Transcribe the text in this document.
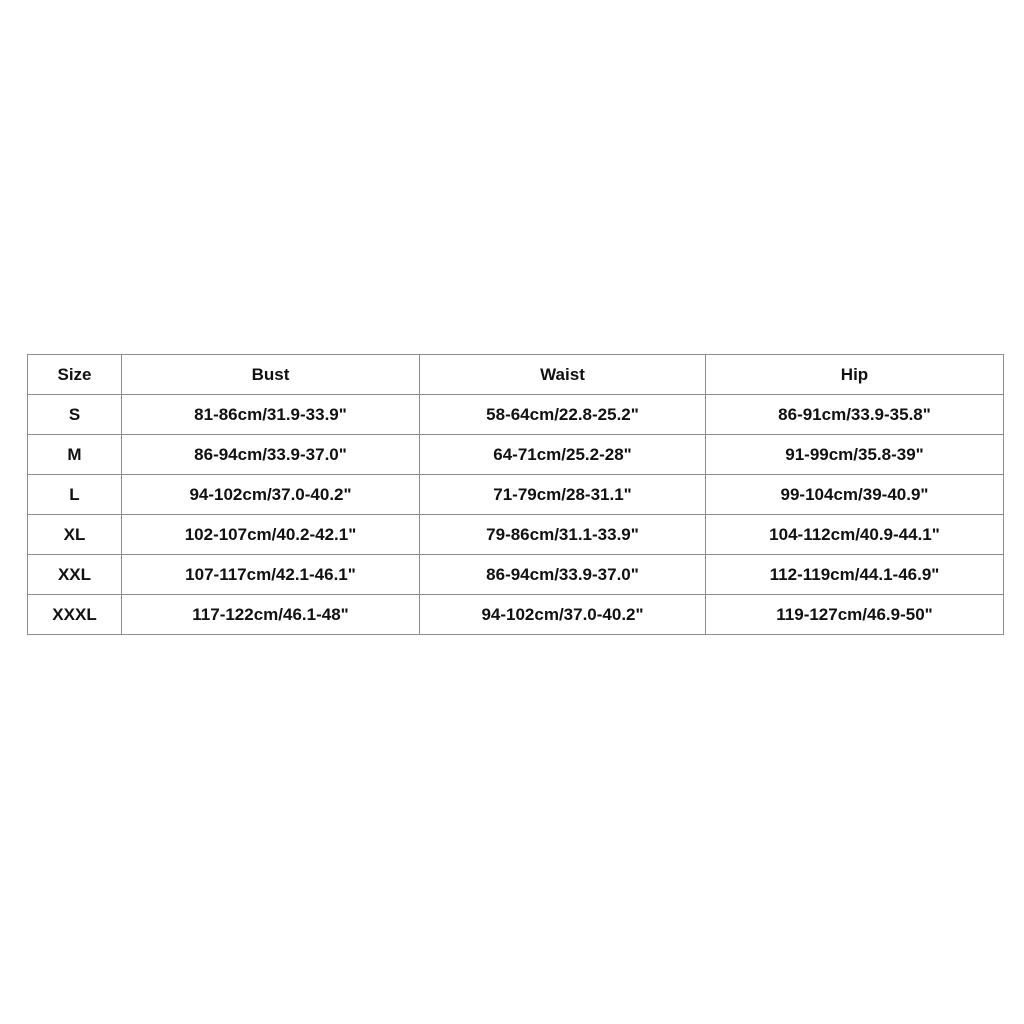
Size	Bust	Waist	Hip
S	81-86cm/31.9-33.9"	58-64cm/22.8-25.2"	86-91cm/33.9-35.8"
M	86-94cm/33.9-37.0"	64-71cm/25.2-28"	91-99cm/35.8-39"
L	94-102cm/37.0-40.2"	71-79cm/28-31.1"	99-104cm/39-40.9"
XL	102-107cm/40.2-42.1"	79-86cm/31.1-33.9"	104-112cm/40.9-44.1"
XXL	107-117cm/42.1-46.1"	86-94cm/33.9-37.0"	112-119cm/44.1-46.9"
XXXL	117-122cm/46.1-48"	94-102cm/37.0-40.2"	119-127cm/46.9-50"
